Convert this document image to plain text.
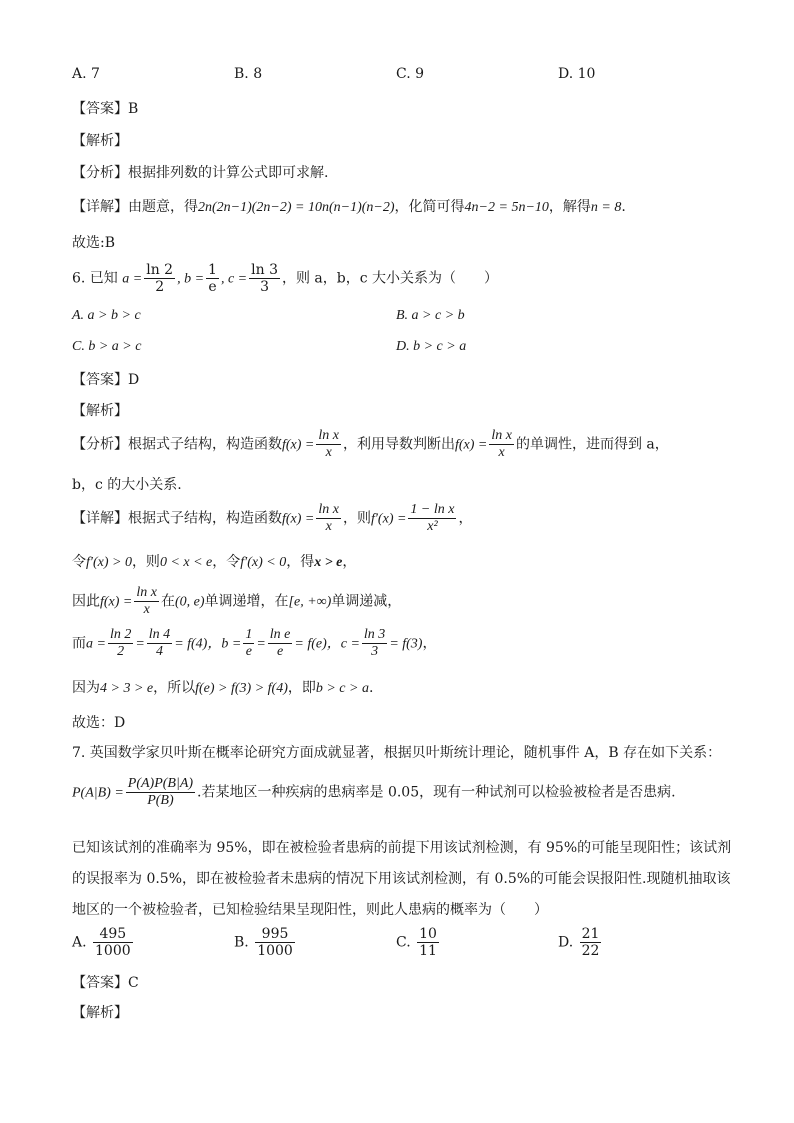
A. 7	B. 8	C. 9	D. 10
【答案】B
【解析】
【分析】根据排列数的计算公式即可求解.
【详解】由题意，得2n(2n−1)(2n−2) = 10n(n−1)(n−2)，化简可得4n−2 = 5n−10，解得n = 8.
故选:B
6. 已知 $a = \frac{\ln 2}{2}$ , $b = \frac{1}{e}$ , $c = \frac{\ln 3}{3}$ ，则 a，b，c 大小关系为（　　）
A. a > b > c	B. a > c > b
C. b > a > c	D. b > c > a
【答案】D
【解析】
【分析】根据式子结构，构造函数$f(x) = \frac{\text{ln x}}{x}$ ，利用导数判断出$f(x) = \frac{\text{ln x}}{x}$ 的单调性，进而得到 a，
b，c 的大小关系.
【详解】根据式子结构，构造函数$f(x) = \frac{\text{ln x}}{x}$ ，则$f'(x) = \frac{\text{1 − ln x}}{\text{x²}}$ ，
令f′(x) > 0，则0 < x < e，令f′(x) < 0，得x > e，
因此$f(x) = \frac{\text{ln x}}{x}$ 在(0, e)单调递增，在[e, +∞)单调递减，
而$a = \frac{\ln 2}{2} = \frac{\ln 4}{4} = f(4)$，$b = \frac{1}{e} = \frac{\text{ln e}}{e} = f(e)$，$c = \frac{\ln 3}{3} = f(3)$，
因为4 > 3 > e，所以f(e) > f(3) > f(4)，即b > c > a.
故选：D
7. 英国数学家贝叶斯在概率论研究方面成就显著，根据贝叶斯统计理论，随机事件 A，B 存在如下关系：
$P(A|B) = \frac{P(A)P(B|A)}{P(B)}$ .若某地区一种疾病的患病率是 0.05，现有一种试剂可以检验被检者是否患病.
已知该试剂的准确率为 95%，即在被检验者患病的前提下用该试剂检测，有 95%的可能呈现阳性；该试剂
的误报率为 0.5%，即在被检验者未患病的情况下用该试剂检测，有 0.5%的可能会误报阳性.现随机抽取该
地区的一个被检验者，已知检验结果呈现阳性，则此人患病的概率为（　　）
A. $\frac{495}{1000}$	B. $\frac{995}{1000}$	C. $\frac{10}{11}$	D. $\frac{21}{22}$
【答案】C
【解析】
